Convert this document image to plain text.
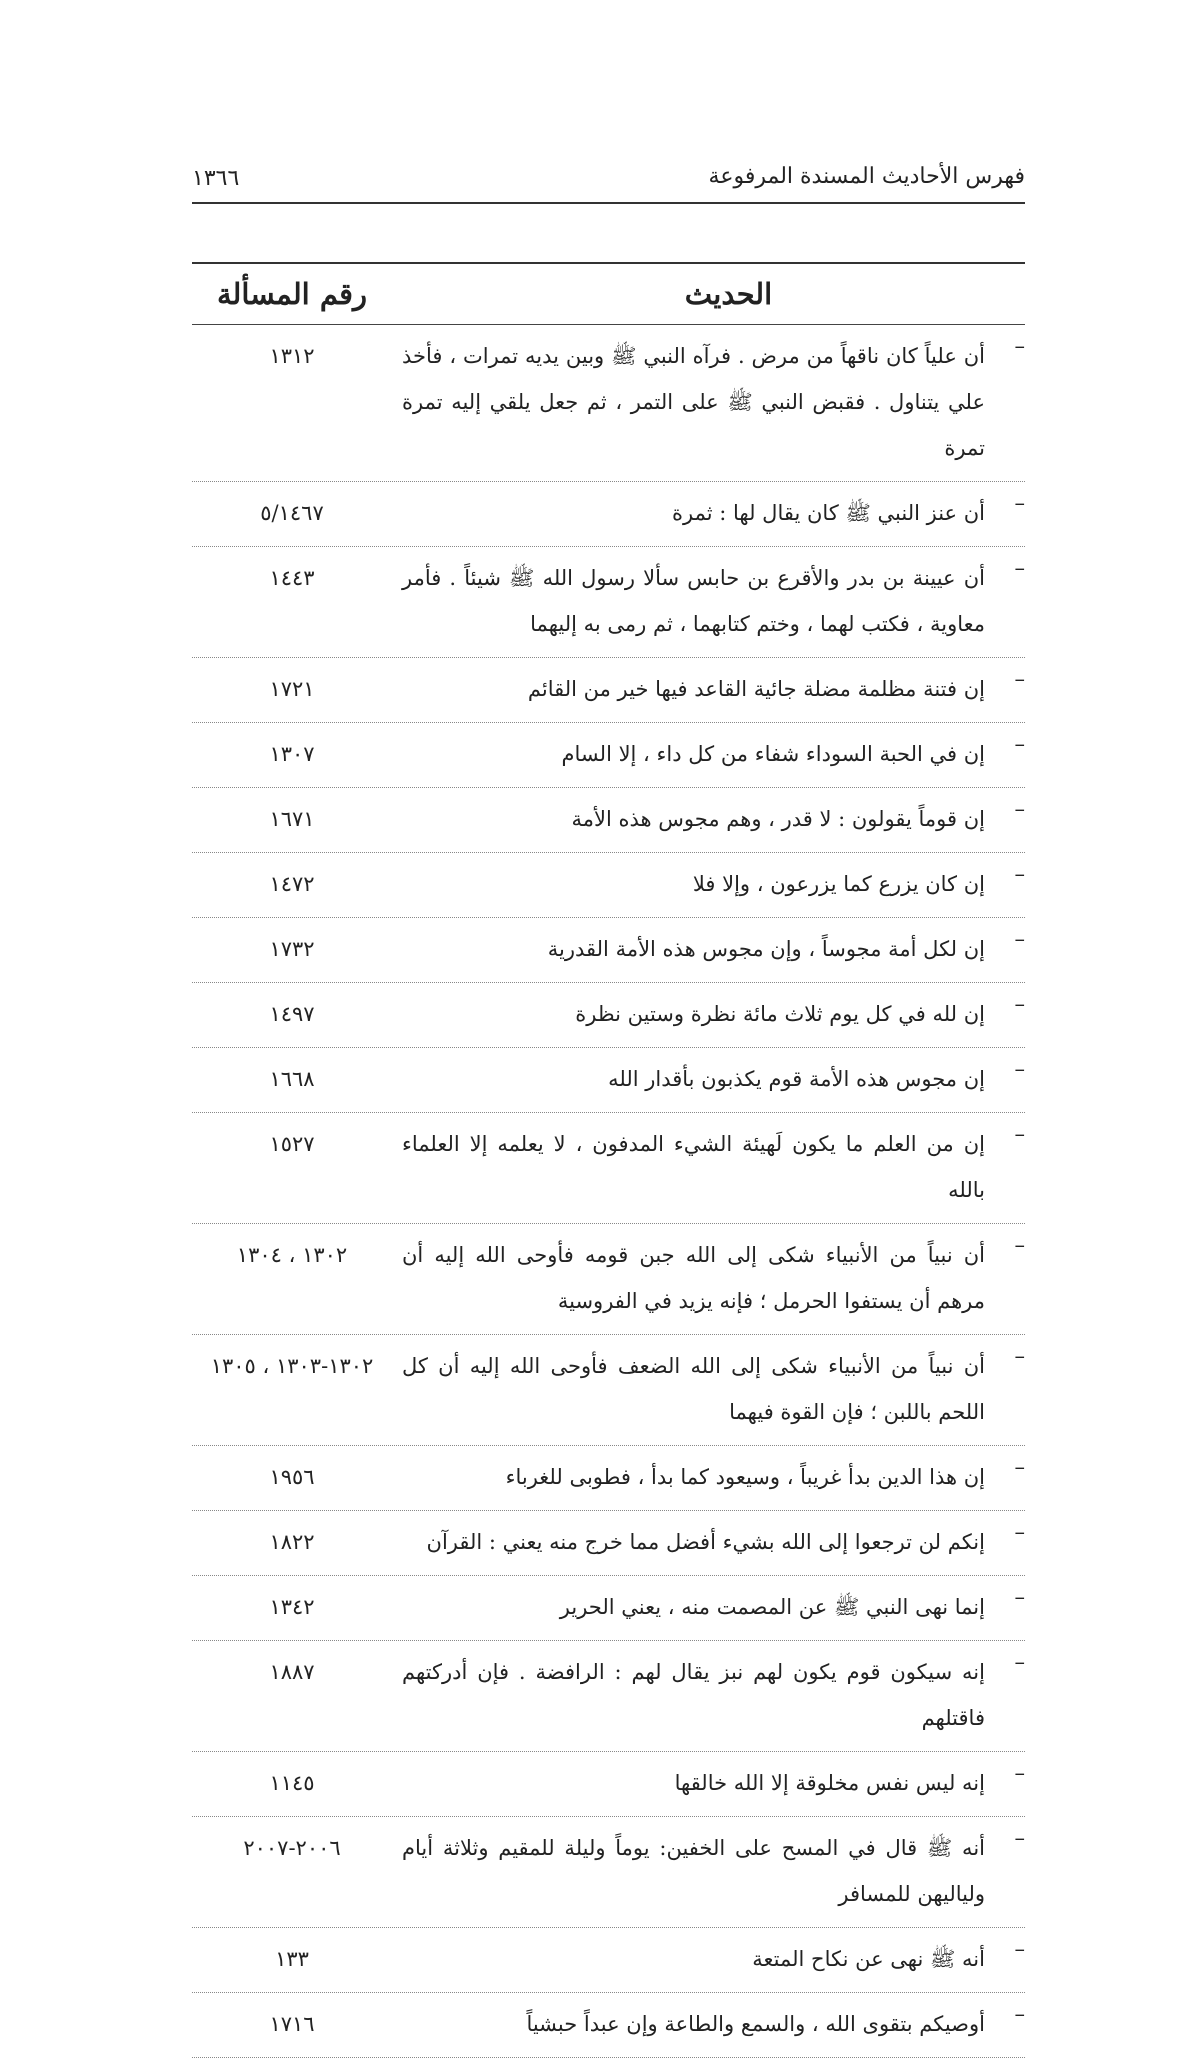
فهرس الأحاديث المسندة المرفوعة
١٣٦٦
الحديث
رقم المسألة
–
أن علياً كان ناقهاً من مرض . فرآه النبي ﷺ وبين يديه تمرات ، فأخذ علي يتناول . فقبض النبي ﷺ على التمر ، ثم جعل يلقي إليه تمرة تمرة
١٣١٢
–
أن عنز النبي ﷺ كان يقال لها : ثمرة
٥/١٤٦٧
–
أن عيينة بن بدر والأقرع بن حابس سألا رسول الله ﷺ شيئاً . فأمر معاوية ، فكتب لهما ، وختم كتابهما ، ثم رمى به إليهما
١٤٤٣
–
إن فتنة مظلمة مضلة جائية القاعد فيها خير من القائم
١٧٢١
–
إن في الحبة السوداء شفاء من كل داء ، إلا السام
١٣٠٧
–
إن قوماً يقولون : لا قدر ، وهم مجوس هذه الأمة
١٦٧١
–
إن كان يزرع كما يزرعون ، وإلا فلا
١٤٧٢
–
إن لكل أمة مجوساً ، وإن مجوس هذه الأمة القدرية
١٧٣٢
–
إن لله في كل يوم ثلاث مائة نظرة وستين نظرة
١٤٩٧
–
إن مجوس هذه الأمة قوم يكذبون بأقدار الله
١٦٦٨
–
إن من العلم ما يكون لَهيئة الشيء المدفون ، لا يعلمه إلا العلماء بالله
١٥٢٧
–
أن نبياً من الأنبياء شكى إلى الله جبن قومه فأوحى الله إليه أن مرهم أن يستفوا الحرمل ؛ فإنه يزيد في الفروسية
١٣٠٢ ، ١٣٠٤
–
أن نبياً من الأنبياء شكى إلى الله الضعف فأوحى الله إليه أن كل اللحم باللبن ؛ فإن القوة فيهما
١٣٠٢-١٣٠٣ ، ١٣٠٥
–
إن هذا الدين بدأ غريباً ، وسيعود كما بدأ ، فطوبى للغرباء
١٩٥٦
–
إنكم لن ترجعوا إلى الله بشيء أفضل مما خرج منه يعني : القرآن
١٨٢٢
–
إنما نهى النبي ﷺ عن المصمت منه ، يعني الحرير
١٣٤٢
–
إنه سيكون قوم يكون لهم نبز يقال لهم : الرافضة . فإن أدركتهم فاقتلهم
١٨٨٧
–
إنه ليس نفس مخلوقة إلا الله خالقها
١١٤٥
–
أنه ﷺ قال في المسح على الخفين: يوماً وليلة للمقيم وثلاثة أيام ولياليهن للمسافر
٢٠٠٦-٢٠٠٧
–
أنه ﷺ نهى عن نكاح المتعة
١٣٣
–
أوصيكم بتقوى الله ، والسمع والطاعة وإن عبداً حبشياً
١٧١٦
